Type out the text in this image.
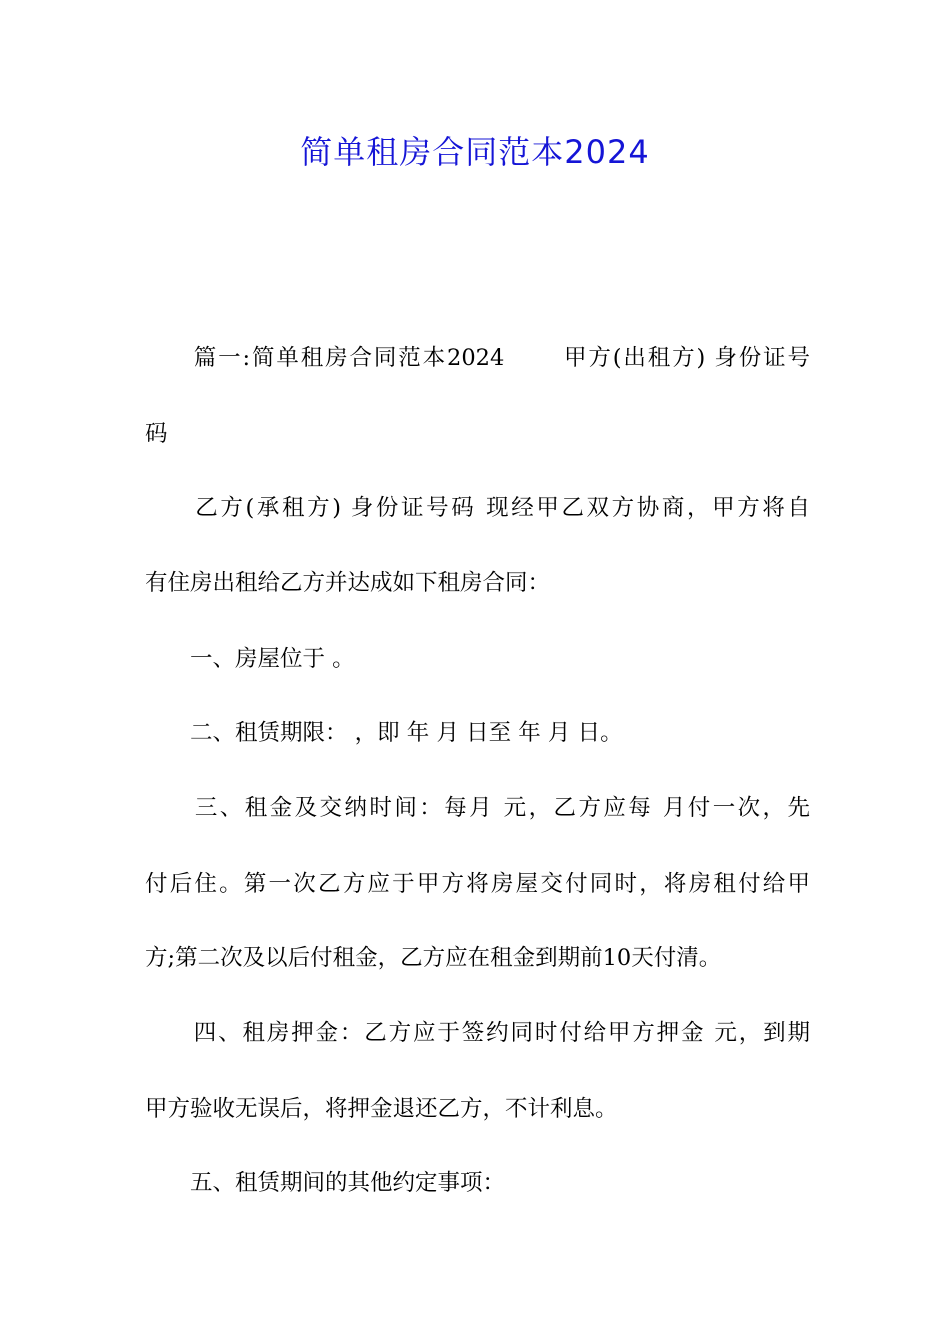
简单租房合同范本2024
　　篇一:简单租房合同范本2024　　 甲方(出租方) 身份证号
码
　　乙方(承租方) 身份证号码 现经甲乙双方协商，甲方将自
有住房出租给乙方并达成如下租房合同：
　　一、房屋位于 。
　　二、租赁期限： ，即 年 月 日至 年 月 日。
　　三、租金及交纳时间：每月 元，乙方应每 月付一次，先
付后住。第一次乙方应于甲方将房屋交付同时，将房租付给甲
方;第二次及以后付租金，乙方应在租金到期前10天付清。
　　四、租房押金：乙方应于签约同时付给甲方押金 元，到期
甲方验收无误后，将押金退还乙方，不计利息。
　　五、租赁期间的其他约定事项：
